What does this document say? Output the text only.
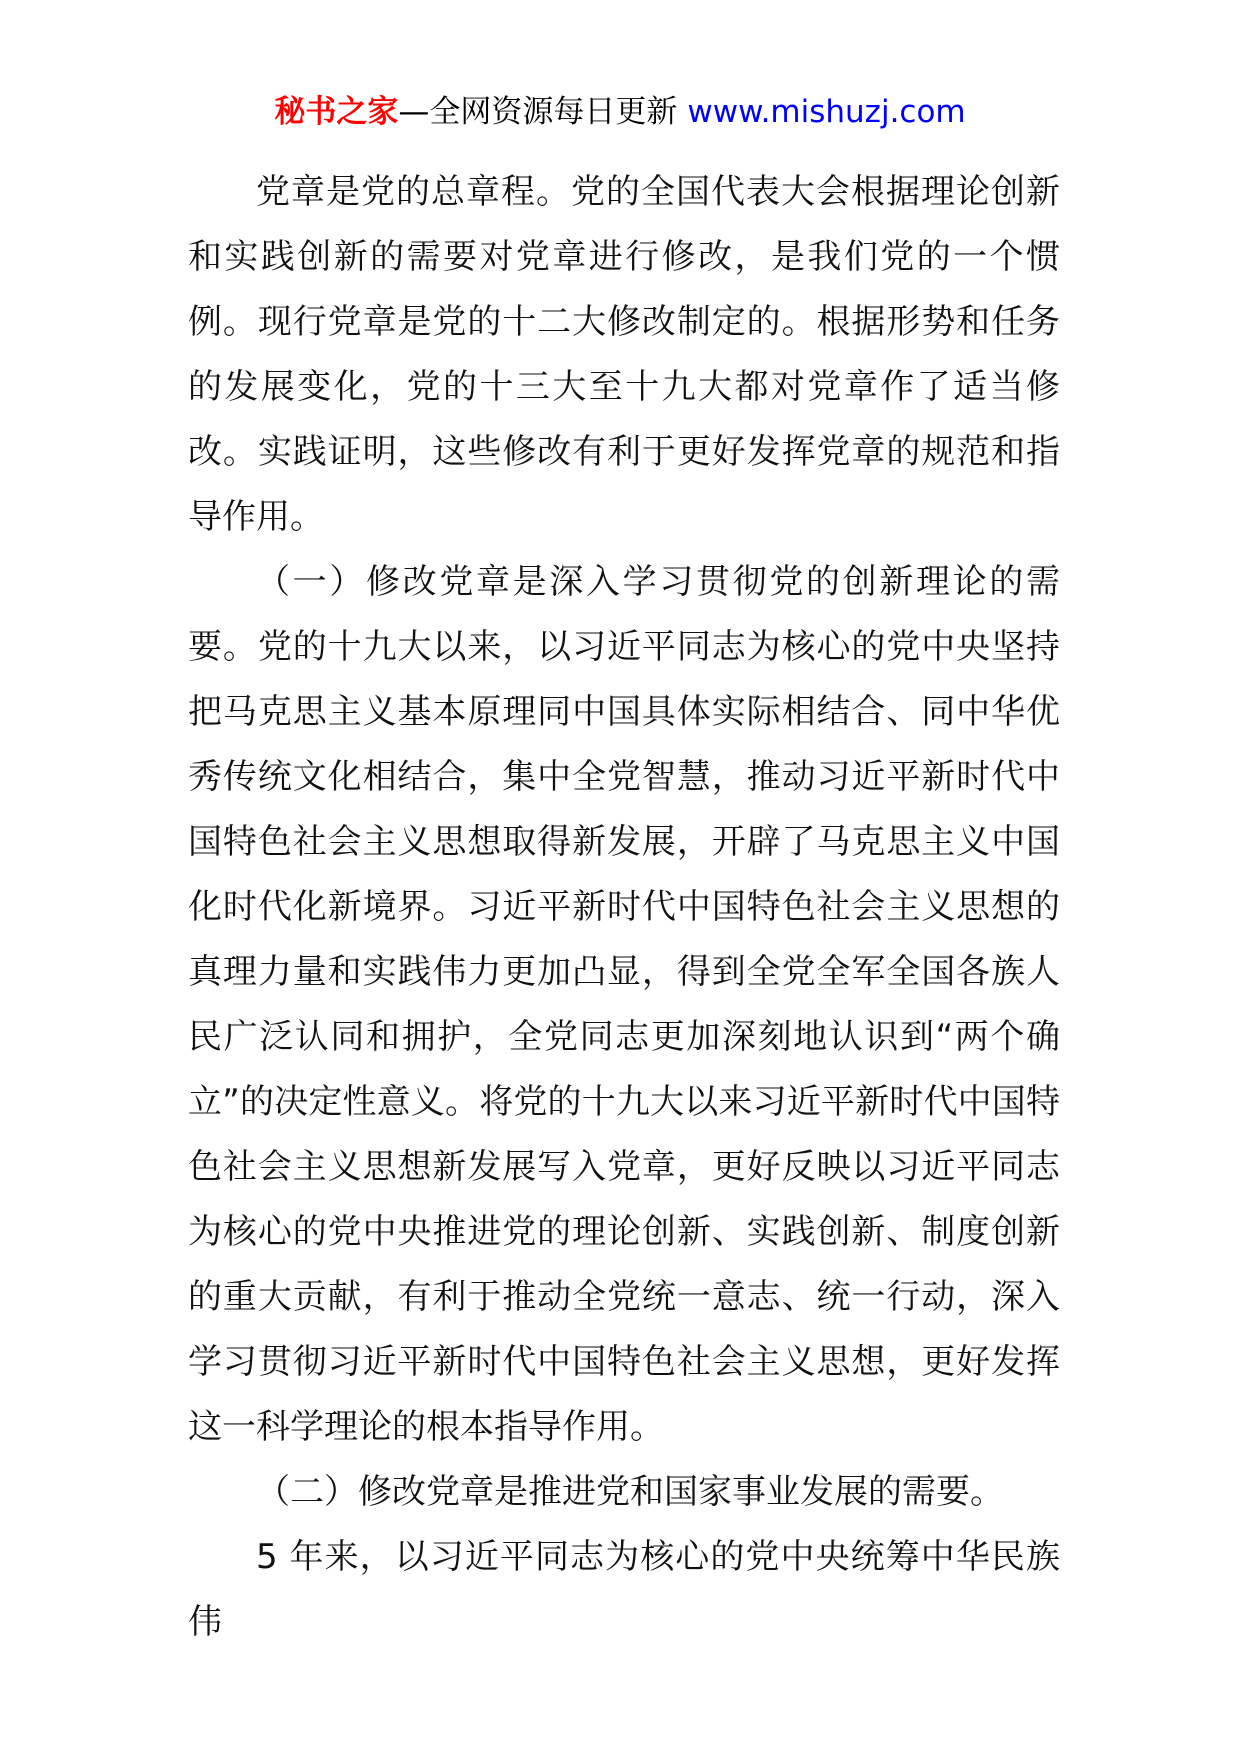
秘书之家—全网资源每日更新 www.mishuzj.com

党章是党的总章程。党的全国代表大会根据理论创新和实践创新的需要对党章进行修改，是我们党的一个惯例。现行党章是党的十二大修改制定的。根据形势和任务的发展变化，党的十三大至十九大都对党章作了适当修改。实践证明，这些修改有利于更好发挥党章的规范和指导作用。

（一）修改党章是深入学习贯彻党的创新理论的需要。党的十九大以来，以习近平同志为核心的党中央坚持把马克思主义基本原理同中国具体实际相结合、同中华优秀传统文化相结合，集中全党智慧，推动习近平新时代中国特色社会主义思想取得新发展，开辟了马克思主义中国化时代化新境界。习近平新时代中国特色社会主义思想的真理力量和实践伟力更加凸显，得到全党全军全国各族人民广泛认同和拥护，全党同志更加深刻地认识到“两个确立”的决定性意义。将党的十九大以来习近平新时代中国特色社会主义思想新发展写入党章，更好反映以习近平同志为核心的党中央推进党的理论创新、实践创新、制度创新的重大贡献，有利于推动全党统一意志、统一行动，深入学习贯彻习近平新时代中国特色社会主义思想，更好发挥这一科学理论的根本指导作用。

（二）修改党章是推进党和国家事业发展的需要。

5 年来，以习近平同志为核心的党中央统筹中华民族伟
